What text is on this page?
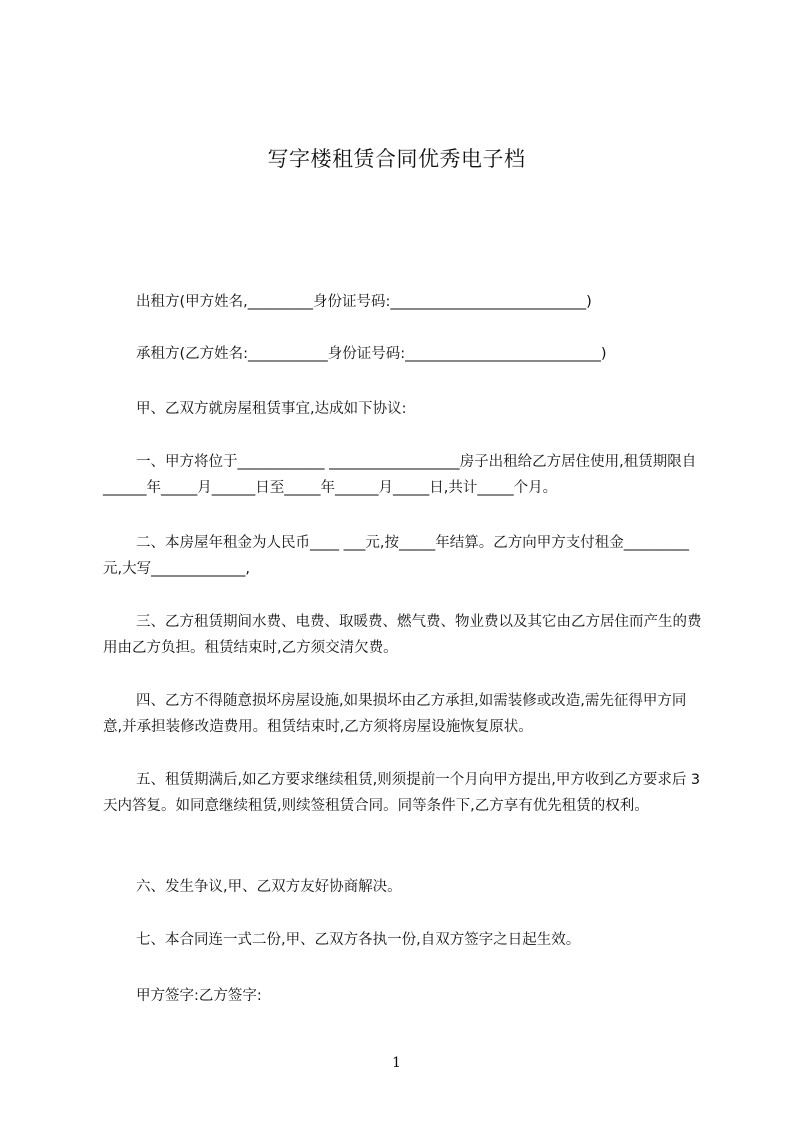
写字楼租赁合同优秀电子档
出租方(甲方姓名,_________身份证号码:___________________________)
承租方(乙方姓名:___________身份证号码:___________________________)
甲、乙双方就房屋租赁事宜,达成如下协议:
一、甲方将位于____________ __________________房子出租给乙方居住使用,租赁期限自______年_____月______日至_____年______月_____日,共计_____个月。
二、本房屋年租金为人民币____ ___元,按_____年结算。乙方向甲方支付租金_________元,大写_____________,
三、乙方租赁期间水费、电费、取暖费、燃气费、物业费以及其它由乙方居住而产生的费用由乙方负担。租赁结束时,乙方须交清欠费。
四、乙方不得随意损坏房屋设施,如果损坏由乙方承担,如需装修或改造,需先征得甲方同意,并承担装修改造费用。租赁结束时,乙方须将房屋设施恢复原状。
五、租赁期满后,如乙方要求继续租赁,则须提前一个月向甲方提出,甲方收到乙方要求后 3 天内答复。如同意继续租赁,则续签租赁合同。同等条件下,乙方享有优先租赁的权利。
六、发生争议,甲、乙双方友好协商解决。
七、本合同连一式二份,甲、乙双方各执一份,自双方签字之日起生效。
甲方签字:乙方签字:
1
